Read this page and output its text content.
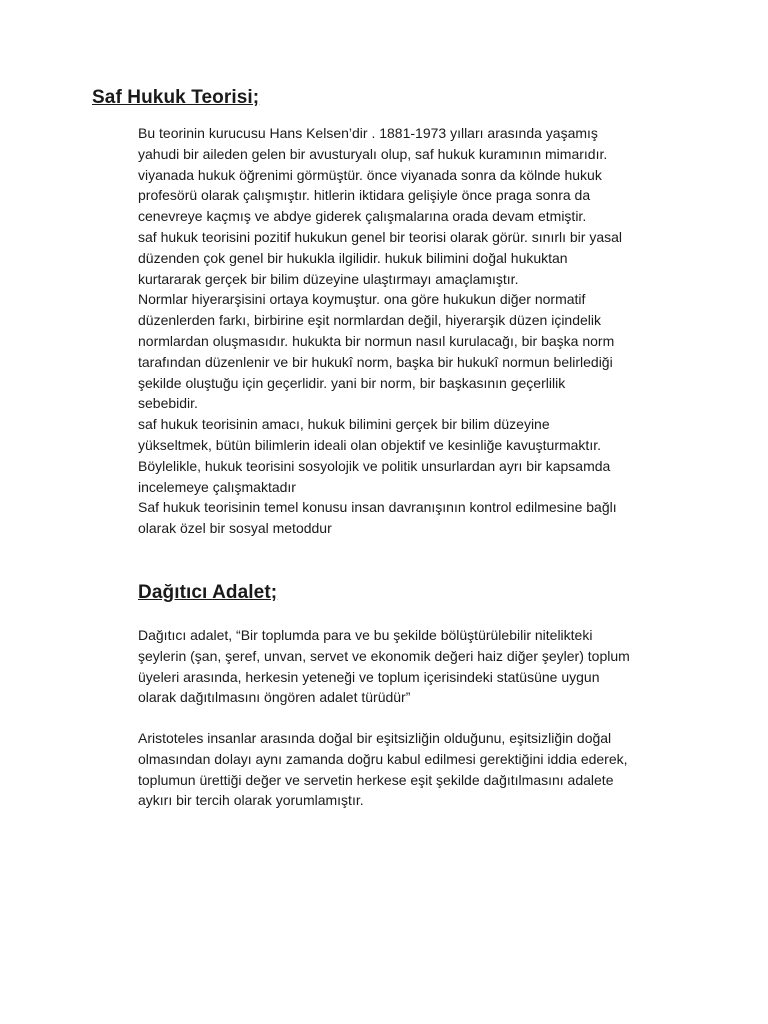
Saf Hukuk Teorisi;
Bu teorinin kurucusu Hans Kelsen’dir . 1881-1973 yılları arasında yaşamış
yahudi bir aileden gelen bir avusturyalı olup, saf hukuk kuramının mimarıdır.
viyanada hukuk öğrenimi görmüştür. önce viyanada sonra da kölnde hukuk
profesörü olarak çalışmıştır. hitlerin iktidara gelişiyle önce praga sonra da
cenevreye kaçmış ve abdye giderek çalışmalarına orada devam etmiştir.
saf hukuk teorisini pozitif hukukun genel bir teorisi olarak görür. sınırlı bir yasal
düzenden çok genel bir hukukla ilgilidir. hukuk bilimini doğal hukuktan
kurtararak gerçek bir bilim düzeyine ulaştırmayı amaçlamıştır.
Normlar hiyerarşisini ortaya koymuştur. ona göre hukukun diğer normatif
düzenlerden farkı, birbirine eşit normlardan değil, hiyerarşik düzen içindelik
normlardan oluşmasıdır. hukukta bir normun nasıl kurulacağı, bir başka norm
tarafından düzenlenir ve bir hukukî norm, başka bir hukukî normun belirlediği
şekilde oluştuğu için geçerlidir. yani bir norm, bir başkasının geçerlilik
sebebidir.
saf hukuk teorisinin amacı, hukuk bilimini gerçek bir bilim düzeyine
yükseltmek, bütün bilimlerin ideali olan objektif ve kesinliğe kavuşturmaktır.
Böylelikle, hukuk teorisini sosyolojik ve politik unsurlardan ayrı bir kapsamda
incelemeye çalışmaktadır
Saf hukuk teorisinin temel konusu insan davranışının kontrol edilmesine bağlı
olarak özel bir sosyal metoddur
Dağıtıcı Adalet;
Dağıtıcı adalet, “Bir toplumda para ve bu şekilde bölüştürülebilir nitelikteki
şeylerin (şan, şeref, unvan, servet ve ekonomik değeri haiz diğer şeyler) toplum
üyeleri arasında, herkesin yeteneği ve toplum içerisindeki statüsüne uygun
olarak dağıtılmasını öngören adalet türüdür”
Aristoteles insanlar arasında doğal bir eşitsizliğin olduğunu, eşitsizliğin doğal
olmasından dolayı aynı zamanda doğru kabul edilmesi gerektiğini iddia ederek,
toplumun ürettiği değer ve servetin herkese eşit şekilde dağıtılmasını adalete
aykırı bir tercih olarak yorumlamıştır.
